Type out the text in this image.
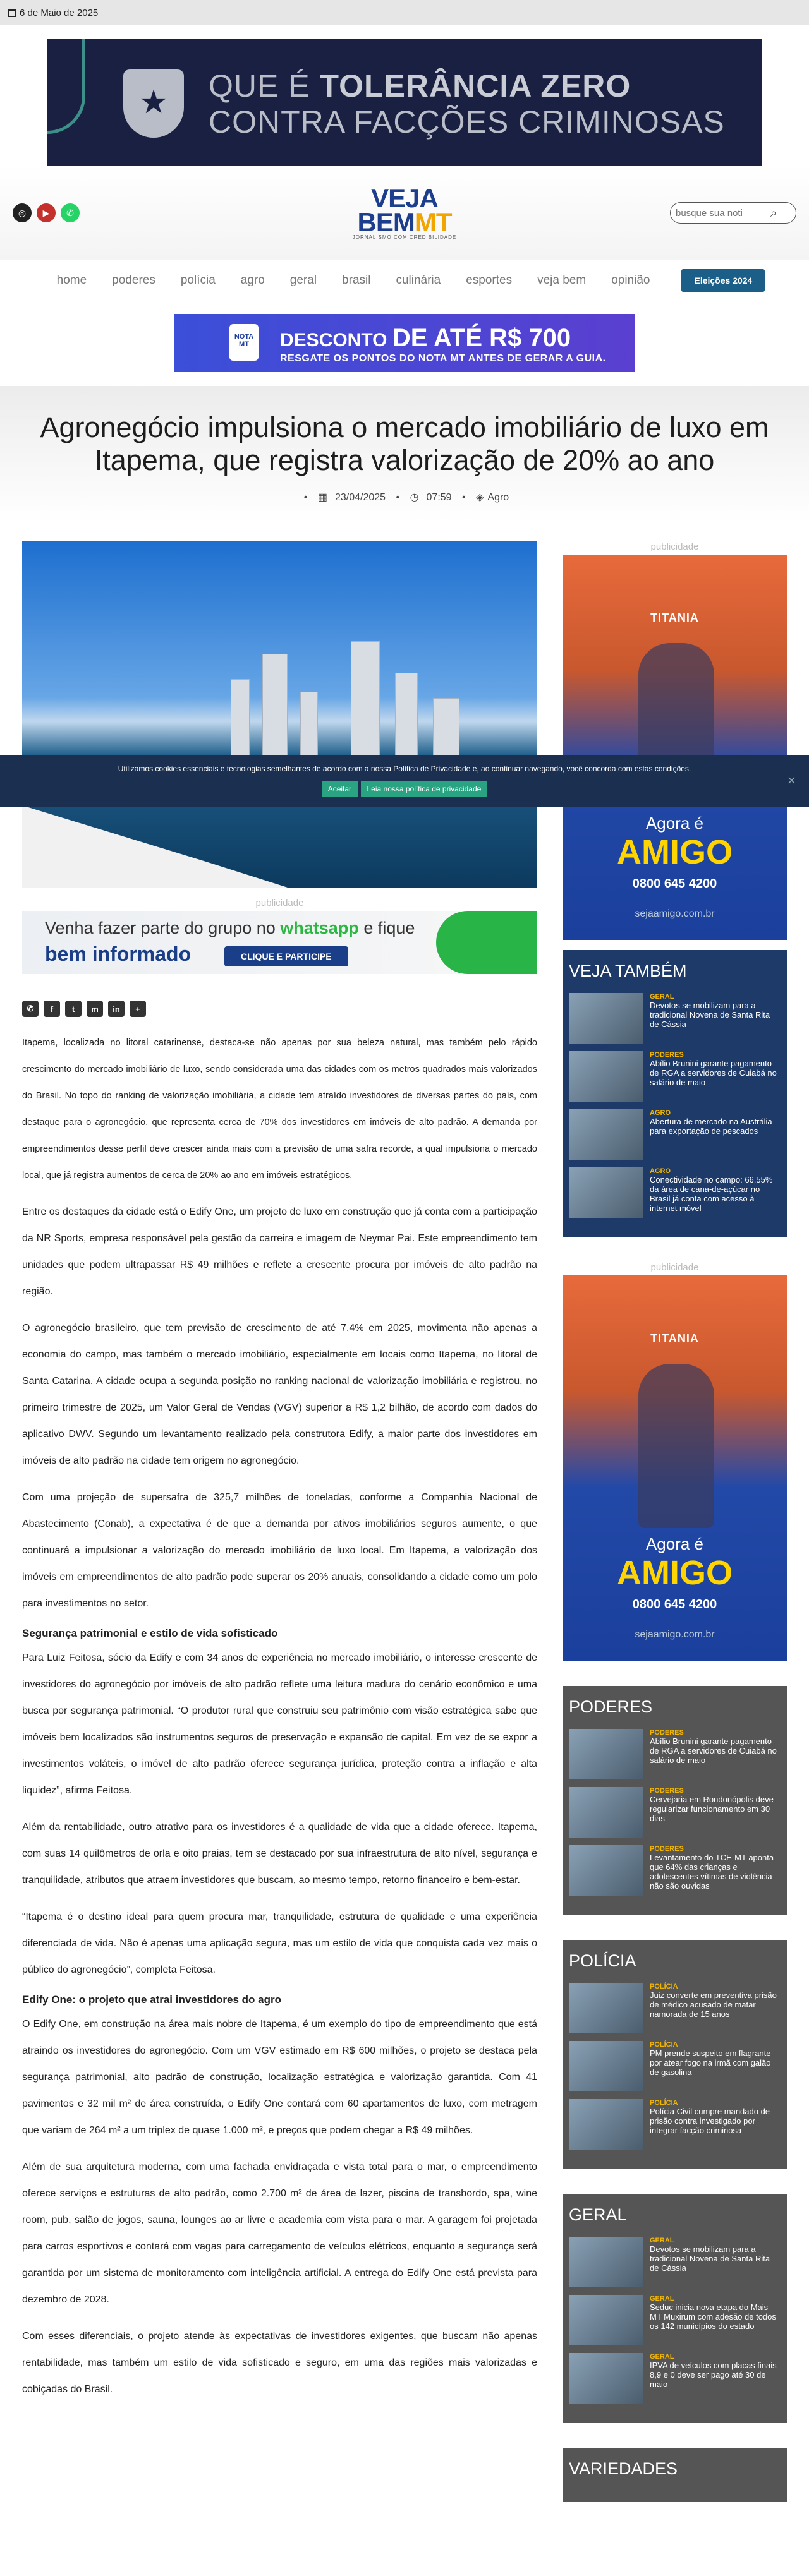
6 de Maio de 2025
★
QUE É TOLERÂNCIA ZERO
CONTRA FACÇÕES CRIMINOSAS
◎	▶	✆	VEJA
BEMMT
JORNALISMO COM CREDIBILIDADE
busque sua noti
⌕
home	poderes	polícia	agro	geral	brasil	culinária	esportes	veja bem	opinião	Eleições 2024
NOTA MT	DESCONTO DE ATÉ R$ 700
RESGATE OS PONTOS DO NOTA MT ANTES DE GERAR A GUIA.
Agronegócio impulsiona o mercado imobiliário de luxo em Itapema, que registra valorização de 20% ao ano
• ▦ 23/04/2025 • ◷ 07:59 • ◈ Agro
publicidade
Venha fazer parte do grupo no whatsapp e fique
bem informado	CLIQUE E PARTICIPE
✆	f	t	m	in	+

Itapema, localizada no litoral catarinense, destaca-se não apenas por sua beleza natural, mas também pelo rápido crescimento do mercado imobiliário de luxo, sendo considerada uma das cidades com os metros quadrados mais valorizados do Brasil. No topo do ranking de valorização imobiliária, a cidade tem atraído investidores de diversas partes do país, com destaque para o agronegócio, que representa cerca de 70% dos investidores em imóveis de alto padrão. A demanda por empreendimentos desse perfil deve crescer ainda mais com a previsão de uma safra recorde, a qual impulsiona o mercado local, que já registra aumentos de cerca de 20% ao ano em imóveis estratégicos.

Entre os destaques da cidade está o Edify One, um projeto de luxo em construção que já conta com a participação da NR Sports, empresa responsável pela gestão da carreira e imagem de Neymar Pai. Este empreendimento tem unidades que podem ultrapassar R$ 49 milhões e reflete a crescente procura por imóveis de alto padrão na região.

O agronegócio brasileiro, que tem previsão de crescimento de até 7,4% em 2025, movimenta não apenas a economia do campo, mas também o mercado imobiliário, especialmente em locais como Itapema, no litoral de Santa Catarina. A cidade ocupa a segunda posição no ranking nacional de valorização imobiliária e registrou, no primeiro trimestre de 2025, um Valor Geral de Vendas (VGV) superior a R$ 1,2 bilhão, de acordo com dados do aplicativo DWV. Segundo um levantamento realizado pela construtora Edify, a maior parte dos investidores em imóveis de alto padrão na cidade tem origem no agronegócio.

Com uma projeção de supersafra de 325,7 milhões de toneladas, conforme a Companhia Nacional de Abastecimento (Conab), a expectativa é de que a demanda por ativos imobiliários seguros aumente, o que continuará a impulsionar a valorização do mercado imobiliário de luxo local. Em Itapema, a valorização dos imóveis em empreendimentos de alto padrão pode superar os 20% anuais, consolidando a cidade como um polo para investimentos no setor.

Segurança patrimonial e estilo de vida sofisticado

Para Luiz Feitosa, sócio da Edify e com 34 anos de experiência no mercado imobiliário, o interesse crescente de investidores do agronegócio por imóveis de alto padrão reflete uma leitura madura do cenário econômico e uma busca por segurança patrimonial. “O produtor rural que construiu seu patrimônio com visão estratégica sabe que imóveis bem localizados são instrumentos seguros de preservação e expansão de capital. Em vez de se expor a investimentos voláteis, o imóvel de alto padrão oferece segurança jurídica, proteção contra a inflação e alta liquidez”, afirma Feitosa.

Além da rentabilidade, outro atrativo para os investidores é a qualidade de vida que a cidade oferece. Itapema, com suas 14 quilômetros de orla e oito praias, tem se destacado por sua infraestrutura de alto nível, segurança e tranquilidade, atributos que atraem investidores que buscam, ao mesmo tempo, retorno financeiro e bem-estar.

“Itapema é o destino ideal para quem procura mar, tranquilidade, estrutura de qualidade e uma experiência diferenciada de vida. Não é apenas uma aplicação segura, mas um estilo de vida que conquista cada vez mais o público do agronegócio”, completa Feitosa.

Edify One: o projeto que atrai investidores do agro

O Edify One, em construção na área mais nobre de Itapema, é um exemplo do tipo de empreendimento que está atraindo os investidores do agronegócio. Com um VGV estimado em R$ 600 milhões, o projeto se destaca pela segurança patrimonial, alto padrão de construção, localização estratégica e valorização garantida. Com 41 pavimentos e 32 mil m² de área construída, o Edify One contará com 60 apartamentos de luxo, com metragem que variam de 264 m² a um triplex de quase 1.000 m², e preços que podem chegar a R$ 49 milhões.

Além de sua arquitetura moderna, com uma fachada envidraçada e vista total para o mar, o empreendimento oferece serviços e estruturas de alto padrão, como 2.700 m² de área de lazer, piscina de transbordo, spa, wine room, pub, salão de jogos, sauna, lounges ao ar livre e academia com vista para o mar. A garagem foi projetada para carros esportivos e contará com vagas para carregamento de veículos elétricos, enquanto a segurança será garantida por um sistema de monitoramento com inteligência artificial. A entrega do Edify One está prevista para dezembro de 2028.

Com esses diferenciais, o projeto atende às expectativas de investidores exigentes, que buscam não apenas rentabilidade, mas também um estilo de vida sofisticado e seguro, em uma das regiões mais valorizadas e cobiçadas do Brasil.

publicidade
TITANIA
Agora é
AMIGO
0800 645 4200
sejaamigo.com.br
VEJA TAMBÉM
GERAL
Devotos se mobilizam para a tradicional Novena de Santa Rita de Cássia
PODERES
Abílio Brunini garante pagamento de RGA a servidores de Cuiabá no salário de maio
AGRO
Abertura de mercado na Austrália para exportação de pescados
AGRO
Conectividade no campo: 66,55% da área de cana-de-açúcar no Brasil já conta com acesso à internet móvel
publicidade
TITANIA
Agora é
AMIGO
0800 645 4200
sejaamigo.com.br
PODERES
PODERES
Abílio Brunini garante pagamento de RGA a servidores de Cuiabá no salário de maio
PODERES
Cervejaria em Rondonópolis deve regularizar funcionamento em 30 dias
PODERES
Levantamento do TCE-MT aponta que 64% das crianças e adolescentes vítimas de violência não são ouvidas
POLÍCIA
POLÍCIA
Juiz converte em preventiva prisão de médico acusado de matar namorada de 15 anos
POLÍCIA
PM prende suspeito em flagrante por atear fogo na irmã com galão de gasolina
POLÍCIA
Polícia Civil cumpre mandado de prisão contra investigado por integrar facção criminosa
GERAL
GERAL
Devotos se mobilizam para a tradicional Novena de Santa Rita de Cássia
GERAL
Seduc inicia nova etapa do Mais MT Muxirum com adesão de todos os 142 municípios do estado
GERAL
IPVA de veículos com placas finais 8,9 e 0 deve ser pago até 30 de maio
VARIEDADES
Utilizamos cookies essenciais e tecnologias semelhantes de acordo com a nossa Política de Privacidade e, ao continuar navegando, você concorda com estas condições.
Aceitar Leia nossa política de privacidade
✕
